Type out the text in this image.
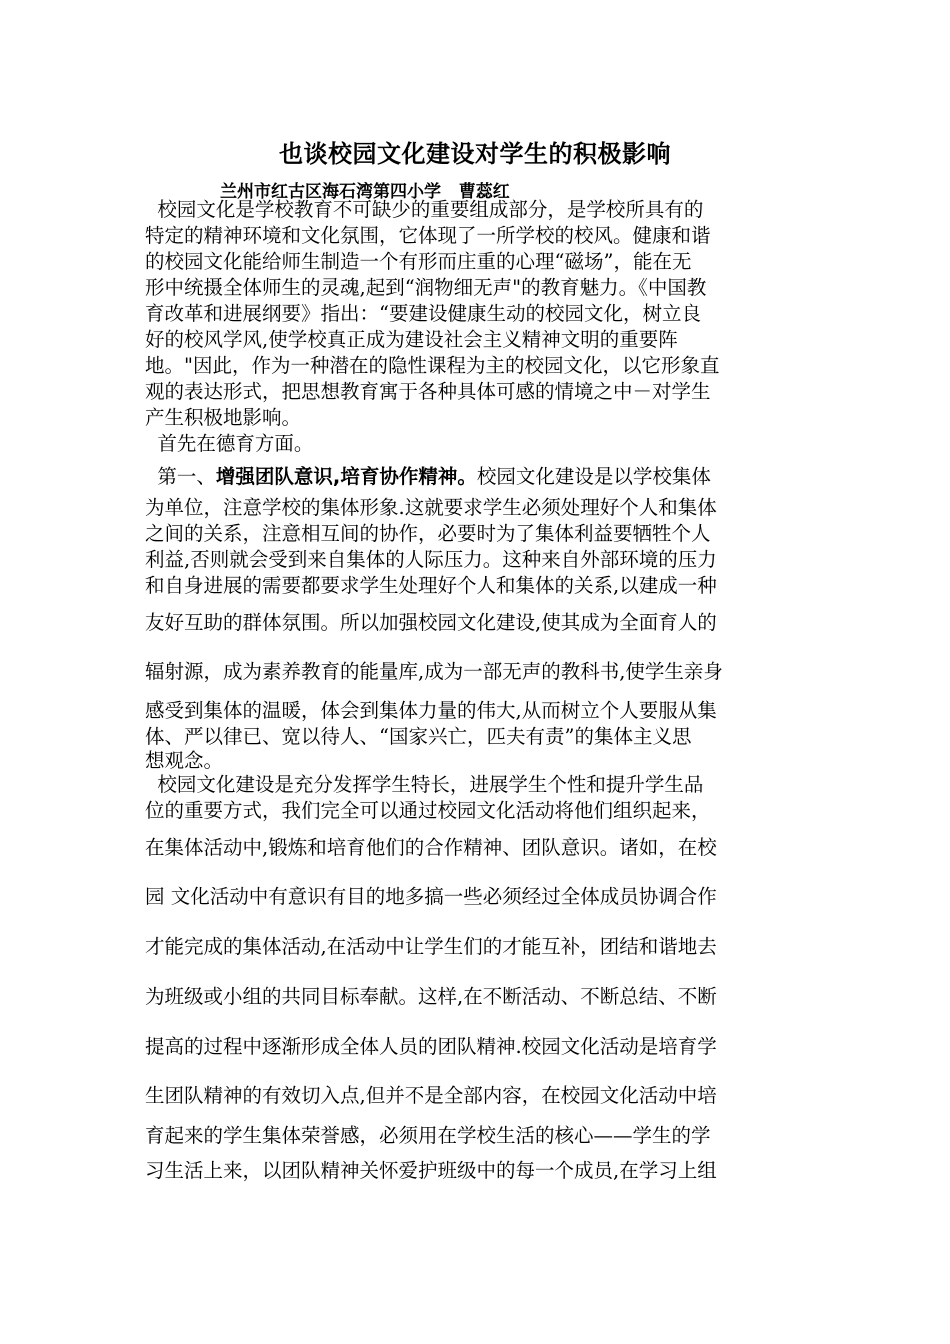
也谈校园文化建设对学生的积极影响
兰州市红古区海石湾第四小学   曹蕊红
校园文化是学校教育不可缺少的重要组成部分，是学校所具有的
特定的精神环境和文化氛围，它体现了一所学校的校风。健康和谐
的校园文化能给师生制造一个有形而庄重的心理“磁场”，能在无
形中统摄全体师生的灵魂,起到“润物细无声"的教育魅力。《中国教
育改革和进展纲要》指出：“要建设健康生动的校园文化，树立良
好的校风学风,使学校真正成为建设社会主义精神文明的重要阵
地。"因此，作为一种潜在的隐性课程为主的校园文化，以它形象直
观的表达形式，把思想教育寓于各种具体可感的情境之中－对学生
产生积极地影响。
首先在德育方面。
第一、增强团队意识,培育协作精神。校园文化建设是以学校集体
为单位，注意学校的集体形象.这就要求学生必须处理好个人和集体
之间的关系，注意相互间的协作，必要时为了集体利益要牺牲个人
利益,否则就会受到来自集体的人际压力。这种来自外部环境的压力
和自身进展的需要都要求学生处理好个人和集体的关系,以建成一种
友好互助的群体氛围。所以加强校园文化建设,使其成为全面育人的
辐射源，成为素养教育的能量库,成为一部无声的教科书,使学生亲身
感受到集体的温暖，体会到集体力量的伟大,从而树立个人要服从集
体、严以律已、宽以待人、“国家兴亡，匹夫有责”的集体主义思
想观念。
校园文化建设是充分发挥学生特长，进展学生个性和提升学生品
位的重要方式，我们完全可以通过校园文化活动将他们组织起来，
在集体活动中,锻炼和培育他们的合作精神、团队意识。诸如，在校
园 文化活动中有意识有目的地多搞一些必须经过全体成员协调合作
才能完成的集体活动,在活动中让学生们的才能互补，团结和谐地去
为班级或小组的共同目标奉献。这样,在不断活动、不断总结、不断
提高的过程中逐渐形成全体人员的团队精神.校园文化活动是培育学
生团队精神的有效切入点,但并不是全部内容，在校园文化活动中培
育起来的学生集体荣誉感，必须用在学校生活的核心——学生的学
习生活上来，以团队精神关怀爱护班级中的每一个成员,在学习上组
